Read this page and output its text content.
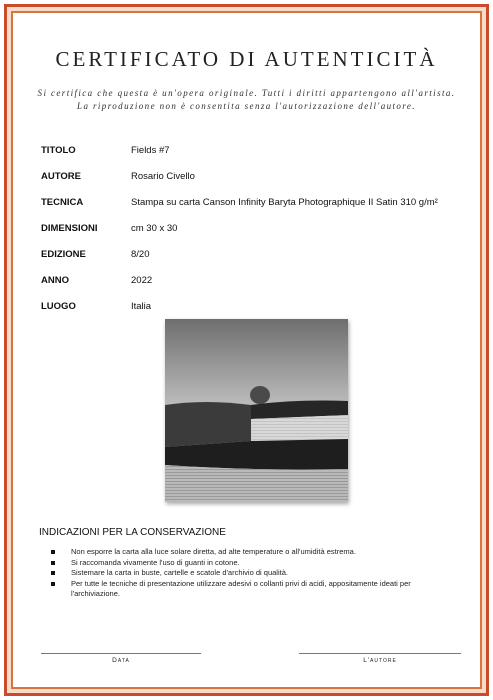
CERTIFICATO DI AUTENTICITÀ
Si certifica che questa è un'opera originale. Tutti i diritti appartengono all'artista. La riproduzione non è consentita senza l'autorizzazione dell'autore.
TITOLO	Fields #7
AUTORE	Rosario Civello
TECNICA	Stampa su carta Canson Infinity Baryta Photographique II Satin 310 g/m²
DIMENSIONI	cm 30 x 30
EDIZIONE	8/20
ANNO	2022
LUOGO	Italia
INDICAZIONI PER LA CONSERVAZIONE
Non esporre la carta alla luce solare diretta, ad alte temperature o all'umidità estrema.
Si raccomanda vivamente l'uso di guanti in cotone.
Sistemare la carta in buste, cartelle e scatole d'archivio di qualità.
Per tutte le tecniche di presentazione utilizzare adesivi o collanti privi di acidi, appositamente ideati per l'archiviazione.
Data	L'autore
